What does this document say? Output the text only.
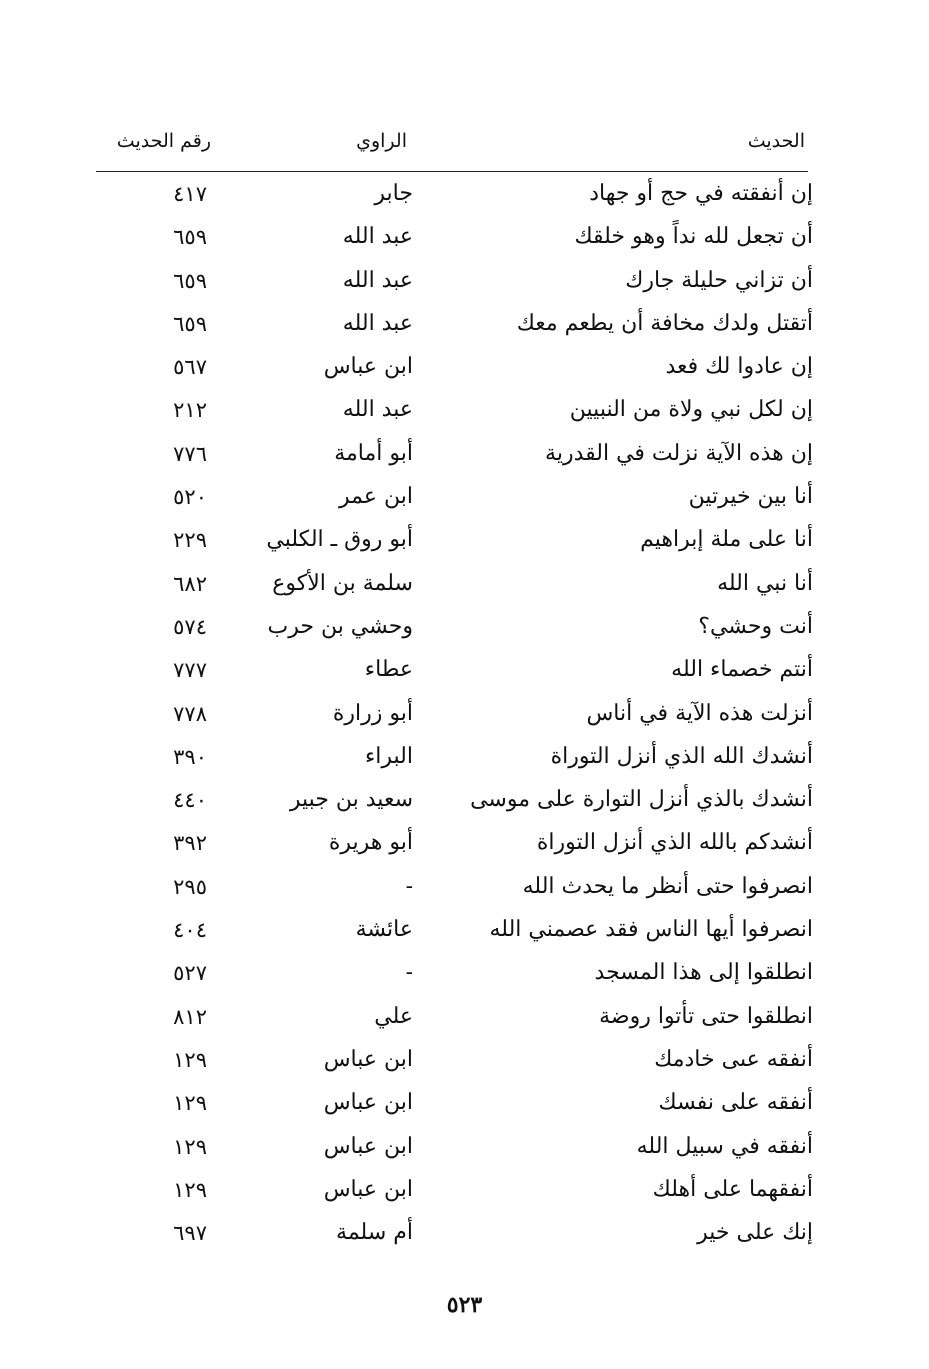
الحديث
الراوي
رقم الحديث
إن أنفقته في حج أو جهاد
جابر
٤١٧
أن تجعل لله نداً وهو خلقك
عبد الله
٦٥٩
أن تزاني حليلة جارك
عبد الله
٦٥٩
أتقتل ولدك مخافة أن يطعم معك
عبد الله
٦٥٩
إن عادوا لك فعد
ابن عباس
٥٦٧
إن لكل نبي ولاة من النبيين
عبد الله
٢١٢
إن هذه الآية نزلت في القدرية
أبو أمامة
٧٧٦
أنا بين خيرتين
ابن عمر
٥٢٠
أنا على ملة إبراهيم
أبو روق ـ الكلبي
٢٢٩
أنا نبي الله
سلمة بن الأكوع
٦٨٢
أنت وحشي؟
وحشي بن حرب
٥٧٤
أنتم خصماء الله
عطاء
٧٧٧
أنزلت هذه الآية في أناس
أبو زرارة
٧٧٨
أنشدك الله الذي أنزل التوراة
البراء
٣٩٠
أنشدك بالذي أنزل التوارة على موسى
سعيد بن جبير
٤٤٠
أنشدكم بالله الذي أنزل التوراة
أبو هريرة
٣٩٢
انصرفوا حتى أنظر ما يحدث الله
-
٢٩٥
انصرفوا أيها الناس فقد عصمني الله
عائشة
٤٠٤
انطلقوا إلى هذا المسجد
-
٥٢٧
انطلقوا حتى تأتوا روضة
علي
٨١٢
أنفقه عىى خادمك
ابن عباس
١٢٩
أنفقه على نفسك
ابن عباس
١٢٩
أنفقه في سبيل الله
ابن عباس
١٢٩
أنفقهما على أهلك
ابن عباس
١٢٩
إنك على خير
أم سلمة
٦٩٧
٥٢٣
